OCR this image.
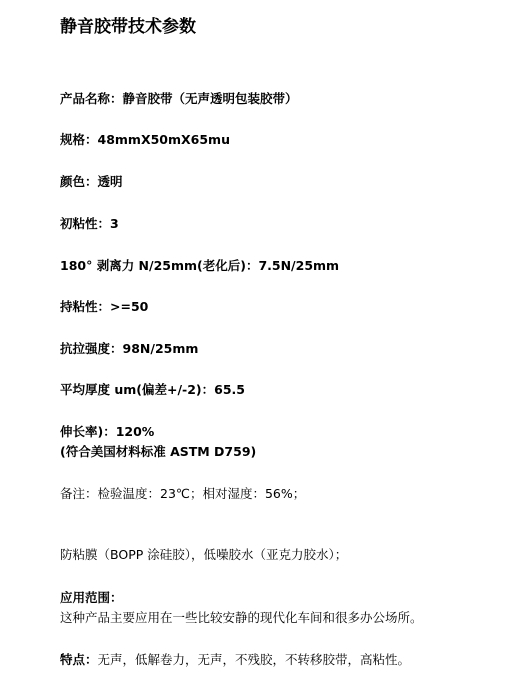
静音胶带技术参数
产品名称：静音胶带（无声透明包装胶带）
规格：48mmX50mX65mu
颜色：透明
初粘性：3
180° 剥离力 N/25mm(老化后)：7.5N/25mm
持粘性：>=50
抗拉强度：98N/25mm
平均厚度 um(偏差+/-2)：65.5
伸长率)：120%
(符合美国材料标准 ASTM D759)
备注：检验温度：23℃；相对湿度：56%；
防粘膜（BOPP 涂硅胶），低噪胶水（亚克力胶水）；
应用范围：
这种产品主要应用在一些比较安静的现代化车间和很多办公场所。
特点：无声，低解卷力，无声，不残胶，不转移胶带，高粘性。
